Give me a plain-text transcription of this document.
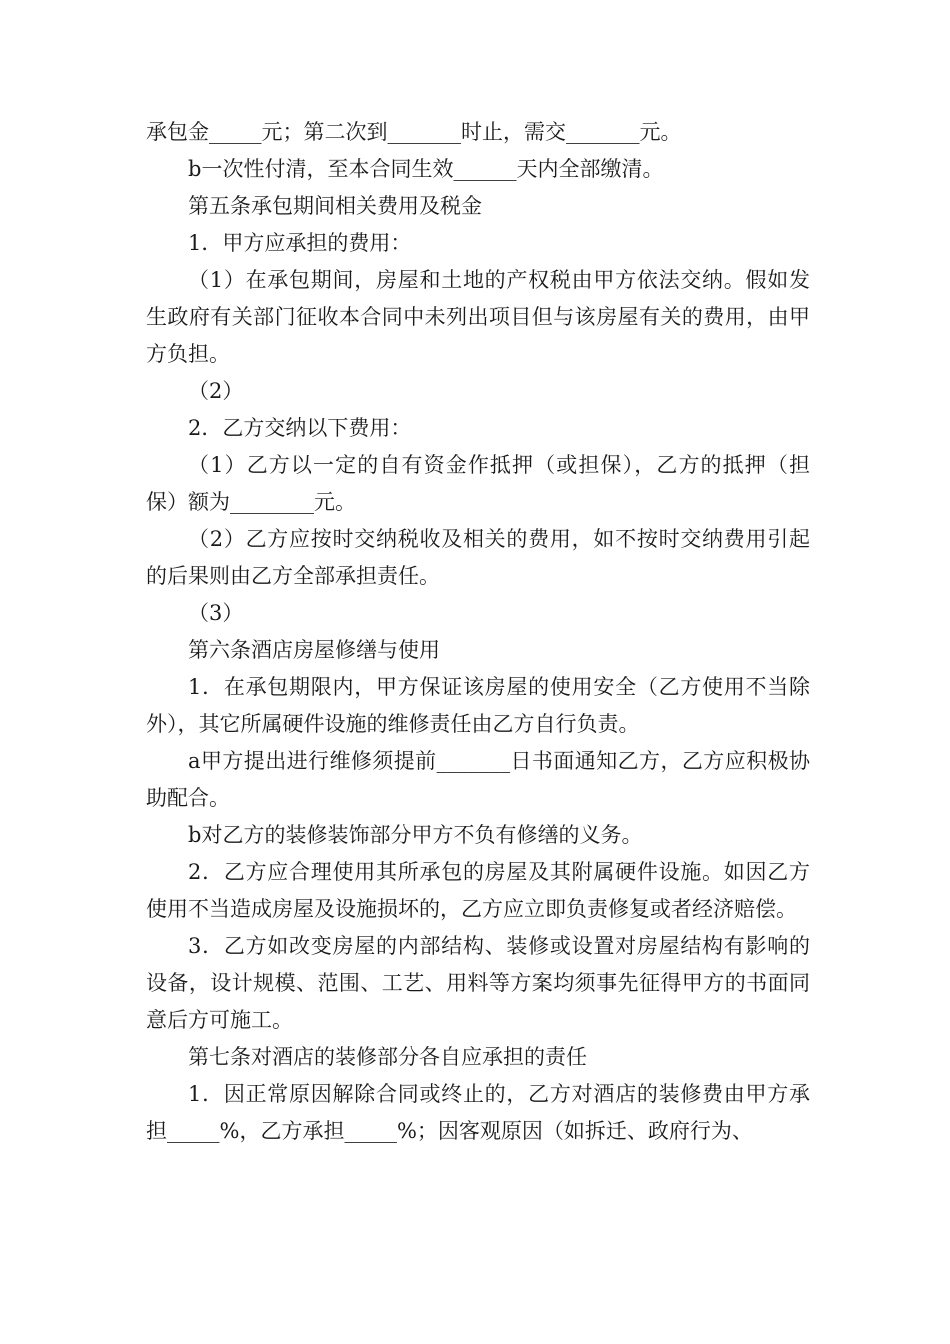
承包金_____元；第二次到_______时止，需交_______元。

b一次性付清，至本合同生效______天内全部缴清。

第五条承包期间相关费用及税金

1．甲方应承担的费用：

（1）在承包期间，房屋和土地的产权税由甲方依法交纳。假如发生政府有关部门征收本合同中未列出项目但与该房屋有关的费用，由甲方负担。

（2）

2．乙方交纳以下费用：

（1）乙方以一定的自有资金作抵押（或担保），乙方的抵押（担保）额为________元。

（2）乙方应按时交纳税收及相关的费用，如不按时交纳费用引起的后果则由乙方全部承担责任。

（3）

第六条酒店房屋修缮与使用

1．在承包期限内，甲方保证该房屋的使用安全（乙方使用不当除外），其它所属硬件设施的维修责任由乙方自行负责。

a甲方提出进行维修须提前_______日书面通知乙方，乙方应积极协助配合。

b对乙方的装修装饰部分甲方不负有修缮的义务。

2．乙方应合理使用其所承包的房屋及其附属硬件设施。如因乙方使用不当造成房屋及设施损坏的，乙方应立即负责修复或者经济赔偿。

3．乙方如改变房屋的内部结构、装修或设置对房屋结构有影响的设备，设计规模、范围、工艺、用料等方案均须事先征得甲方的书面同意后方可施工。

第七条对酒店的装修部分各自应承担的责任

1．因正常原因解除合同或终止的，乙方对酒店的装修费由甲方承担_____%，乙方承担_____%；因客观原因（如拆迁、政府行为、
